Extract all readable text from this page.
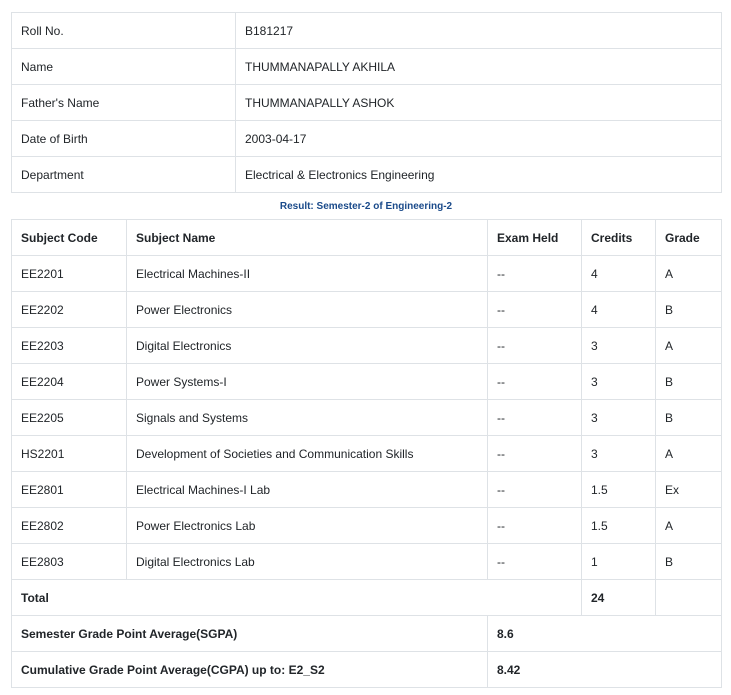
Roll No.	B181217
Name	THUMMANAPALLY AKHILA
Father's Name	THUMMANAPALLY ASHOK
Date of Birth	2003-04-17
Department	Electrical & Electronics Engineering
Result: Semester-2 of Engineering-2
Subject Code	Subject Name	Exam Held	Credits	Grade
EE2201	Electrical Machines-II	--	4	A
EE2202	Power Electronics	--	4	B
EE2203	Digital Electronics	--	3	A
EE2204	Power Systems-I	--	3	B
EE2205	Signals and Systems	--	3	B
HS2201	Development of Societies and Communication Skills	--	3	A
EE2801	Electrical Machines-I Lab	--	1.5	Ex
EE2802	Power Electronics Lab	--	1.5	A
EE2803	Digital Electronics Lab	--	1	B
Total			24	
Semester Grade Point Average(SGPA)		8.6		
Cumulative Grade Point Average(CGPA) up to: E2_S2		8.42		
